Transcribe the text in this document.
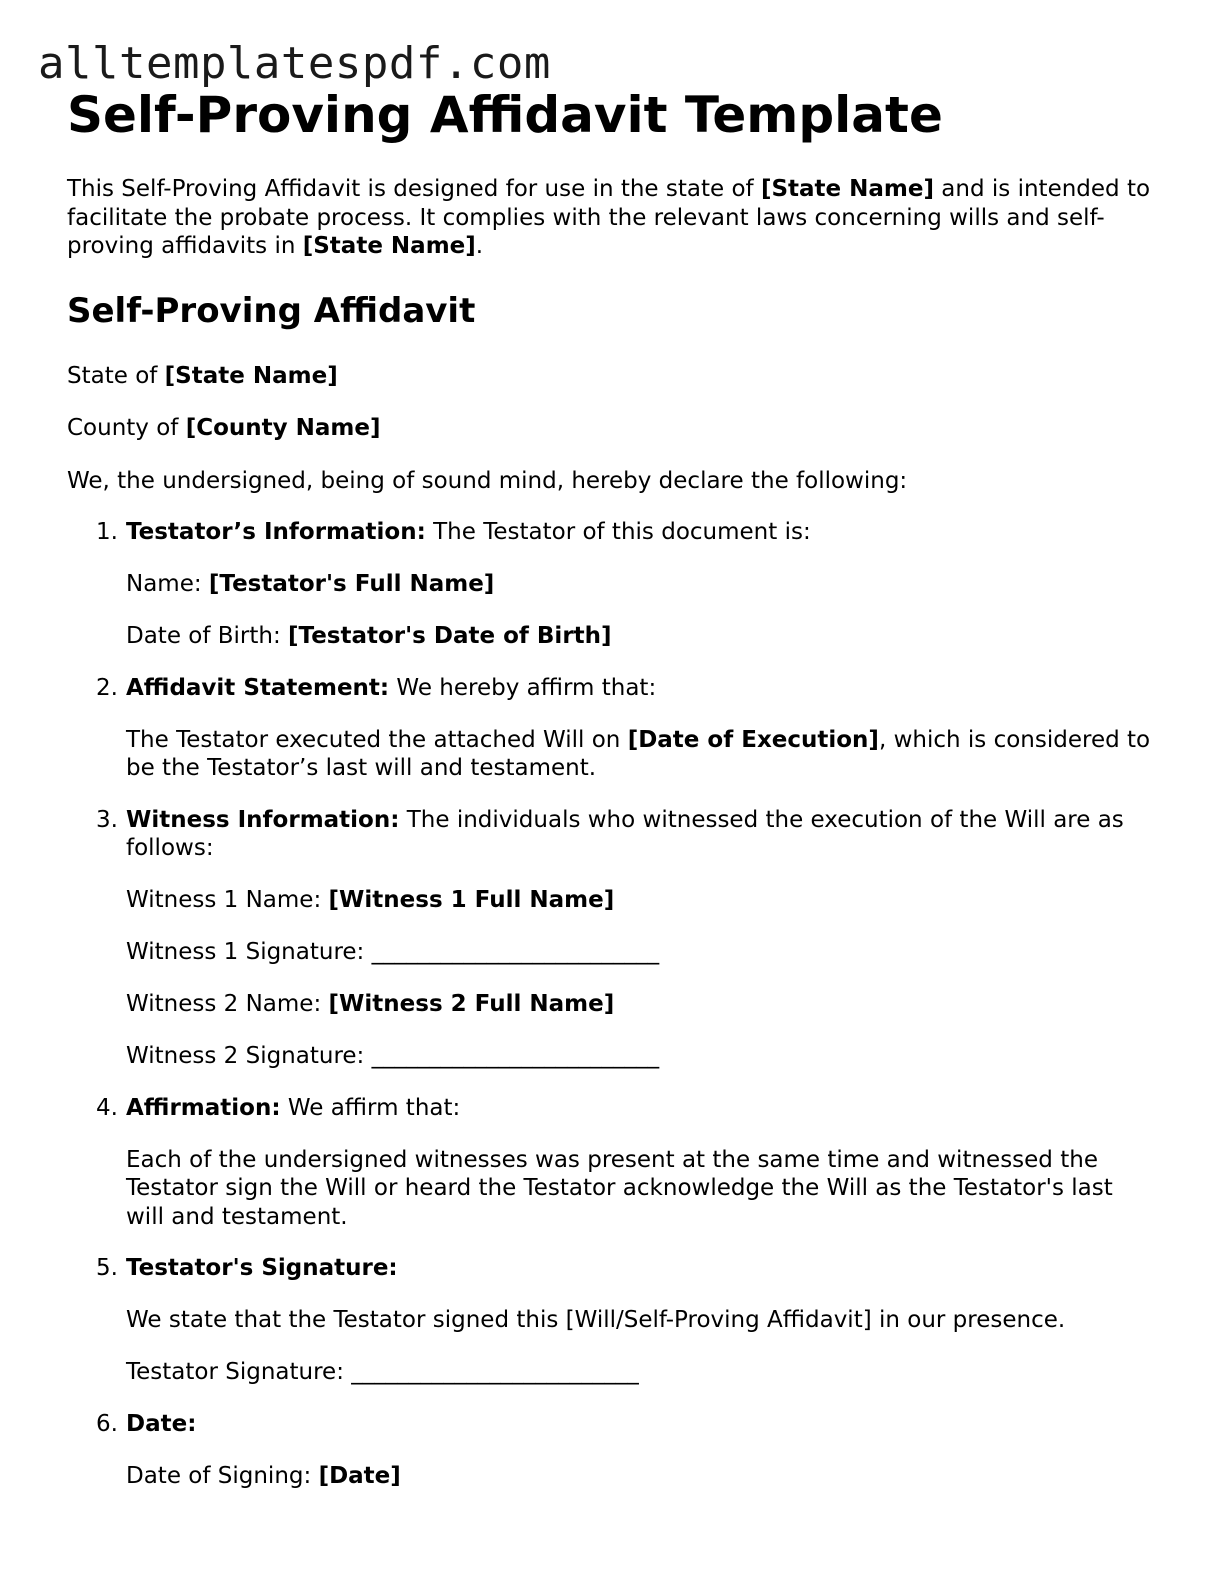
alltemplatespdf.com
Self-Proving Affidavit Template

This Self-Proving Affidavit is designed for use in the state of [State Name] and is intended to facilitate the probate process. It complies with the relevant laws concerning wills and self-proving affidavits in [State Name].

Self-Proving Affidavit

State of [State Name]

County of [County Name]

We, the undersigned, being of sound mind, hereby declare the following:

1. Testator’s Information: The Testator of this document is:

Name: [Testator's Full Name]

Date of Birth: [Testator's Date of Birth]

2. Affidavit Statement: We hereby affirm that:

The Testator executed the attached Will on [Date of Execution], which is considered to be the Testator’s last will and testament.

3. Witness Information: The individuals who witnessed the execution of the Will are as follows:

Witness 1 Name: [Witness 1 Full Name]

Witness 1 Signature: _________________________

Witness 2 Name: [Witness 2 Full Name]

Witness 2 Signature: _________________________

4. Affirmation: We affirm that:

Each of the undersigned witnesses was present at the same time and witnessed the Testator sign the Will or heard the Testator acknowledge the Will as the Testator's last will and testament.

5. Testator's Signature:

We state that the Testator signed this [Will/Self-Proving Affidavit] in our presence.

Testator Signature: _________________________

6. Date:

Date of Signing: [Date]
